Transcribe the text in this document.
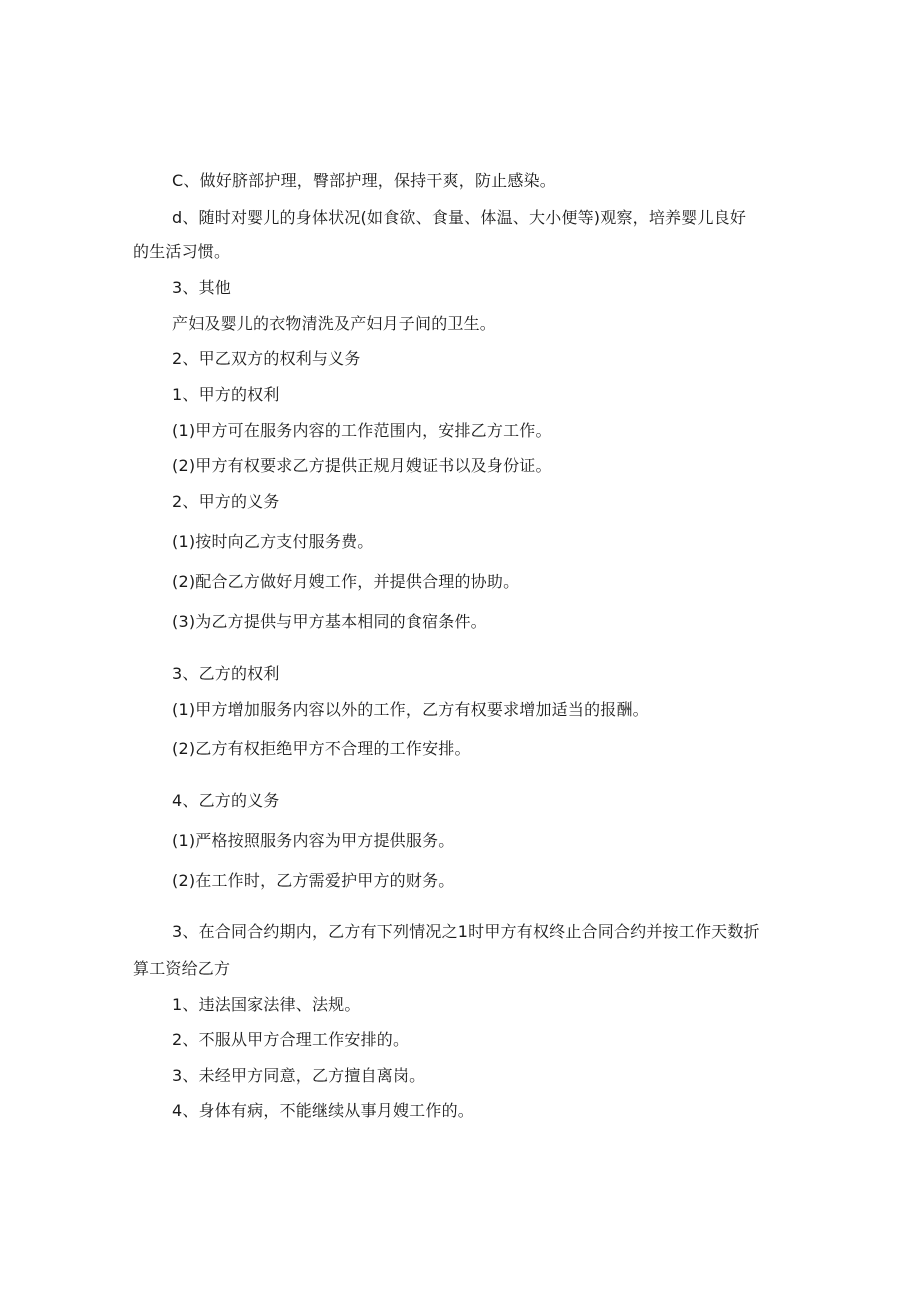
C、做好脐部护理，臀部护理，保持干爽，防止感染。
d、随时对婴儿的身体状况(如食欲、食量、体温、大小便等)观察，培养婴儿良好
的生活习惯。
3、其他
产妇及婴儿的衣物清洗及产妇月子间的卫生。
2、甲乙双方的权利与义务
1、甲方的权利
(1)甲方可在服务内容的工作范围内，安排乙方工作。
(2)甲方有权要求乙方提供正规月嫂证书以及身份证。
2、甲方的义务
(1)按时向乙方支付服务费。
(2)配合乙方做好月嫂工作，并提供合理的协助。
(3)为乙方提供与甲方基本相同的食宿条件。
3、乙方的权利
(1)甲方增加服务内容以外的工作，乙方有权要求增加适当的报酬。
(2)乙方有权拒绝甲方不合理的工作安排。
4、乙方的义务
(1)严格按照服务内容为甲方提供服务。
(2)在工作时，乙方需爱护甲方的财务。
3、在合同合约期内，乙方有下列情况之1时甲方有权终止合同合约并按工作天数折
算工资给乙方
1、违法国家法律、法规。
2、不服从甲方合理工作安排的。
3、未经甲方同意，乙方擅自离岗。
4、身体有病，不能继续从事月嫂工作的。
